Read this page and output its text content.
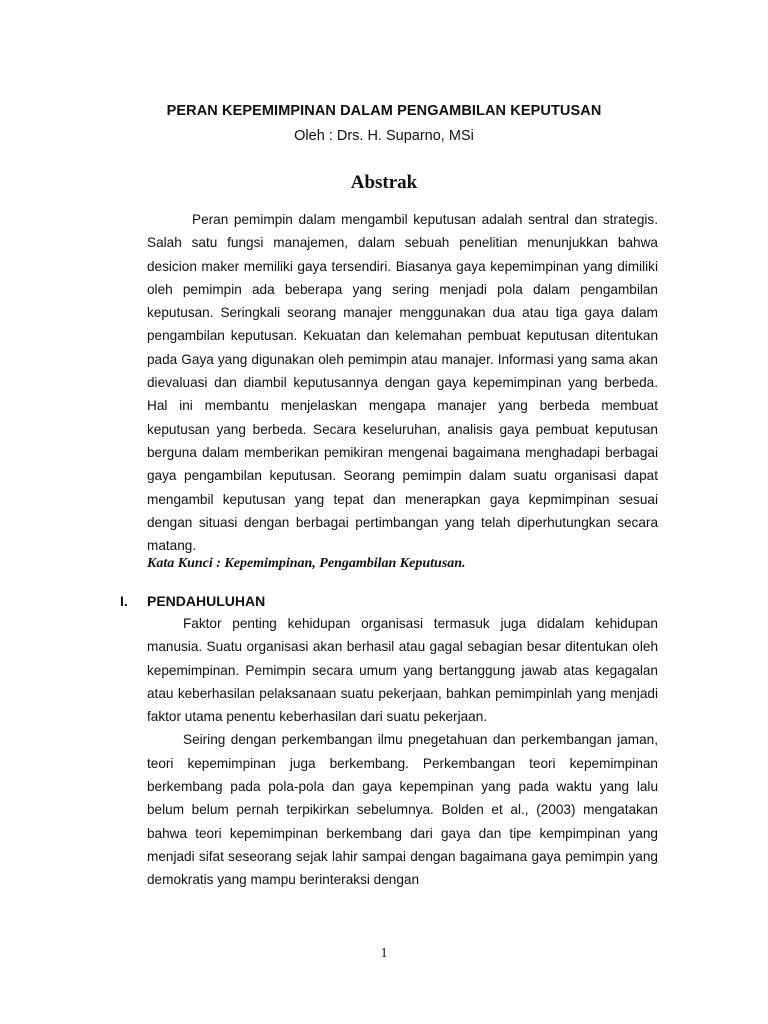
PERAN KEPEMIMPINAN DALAM PENGAMBILAN KEPUTUSAN
Oleh : Drs. H. Suparno, MSi
Abstrak

Peran pemimpin dalam mengambil keputusan adalah sentral dan strategis. Salah satu fungsi manajemen, dalam sebuah penelitian menunjukkan bahwa desicion maker memiliki gaya tersendiri. Biasanya gaya kepemimpinan yang dimiliki oleh pemimpin ada beberapa yang sering menjadi pola dalam pengambilan keputusan. Seringkali seorang manajer menggunakan dua atau tiga gaya dalam pengambilan keputusan. Kekuatan dan kelemahan pembuat keputusan ditentukan pada Gaya yang digunakan oleh pemimpin atau manajer. Informasi yang sama akan dievaluasi dan diambil keputusannya dengan gaya kepemimpinan yang berbeda. Hal ini membantu menjelaskan mengapa manajer yang berbeda membuat keputusan yang berbeda. Secara keseluruhan, analisis gaya pembuat keputusan berguna dalam memberikan pemikiran mengenai bagaimana menghadapi berbagai gaya pengambilan keputusan. Seorang pemimpin dalam suatu organisasi dapat mengambil keputusan yang tepat dan menerapkan gaya kepmimpinan sesuai dengan situasi dengan berbagai pertimbangan yang telah diperhutungkan secara matang.

Kata Kunci : Kepemimpinan, Pengambilan Keputusan.
I. PENDAHULUHAN

Faktor penting kehidupan organisasi termasuk juga didalam kehidupan manusia. Suatu organisasi akan berhasil atau gagal sebagian besar ditentukan oleh kepemimpinan. Pemimpin secara umum yang bertanggung jawab atas kegagalan atau keberhasilan pelaksanaan suatu pekerjaan, bahkan pemimpinlah yang menjadi faktor utama penentu keberhasilan dari suatu pekerjaan.

Seiring dengan perkembangan ilmu pnegetahuan dan perkembangan jaman, teori kepemimpinan juga berkembang. Perkembangan teori kepemimpinan berkembang pada pola-pola dan gaya kepempinan yang pada waktu yang lalu belum belum pernah terpikirkan sebelumnya. Bolden et al., (2003) mengatakan bahwa teori kepemimpinan berkembang dari gaya dan tipe kempimpinan yang menjadi sifat seseorang sejak lahir sampai dengan bagaimana gaya pemimpin yang demokratis yang mampu berinteraksi dengan

1
